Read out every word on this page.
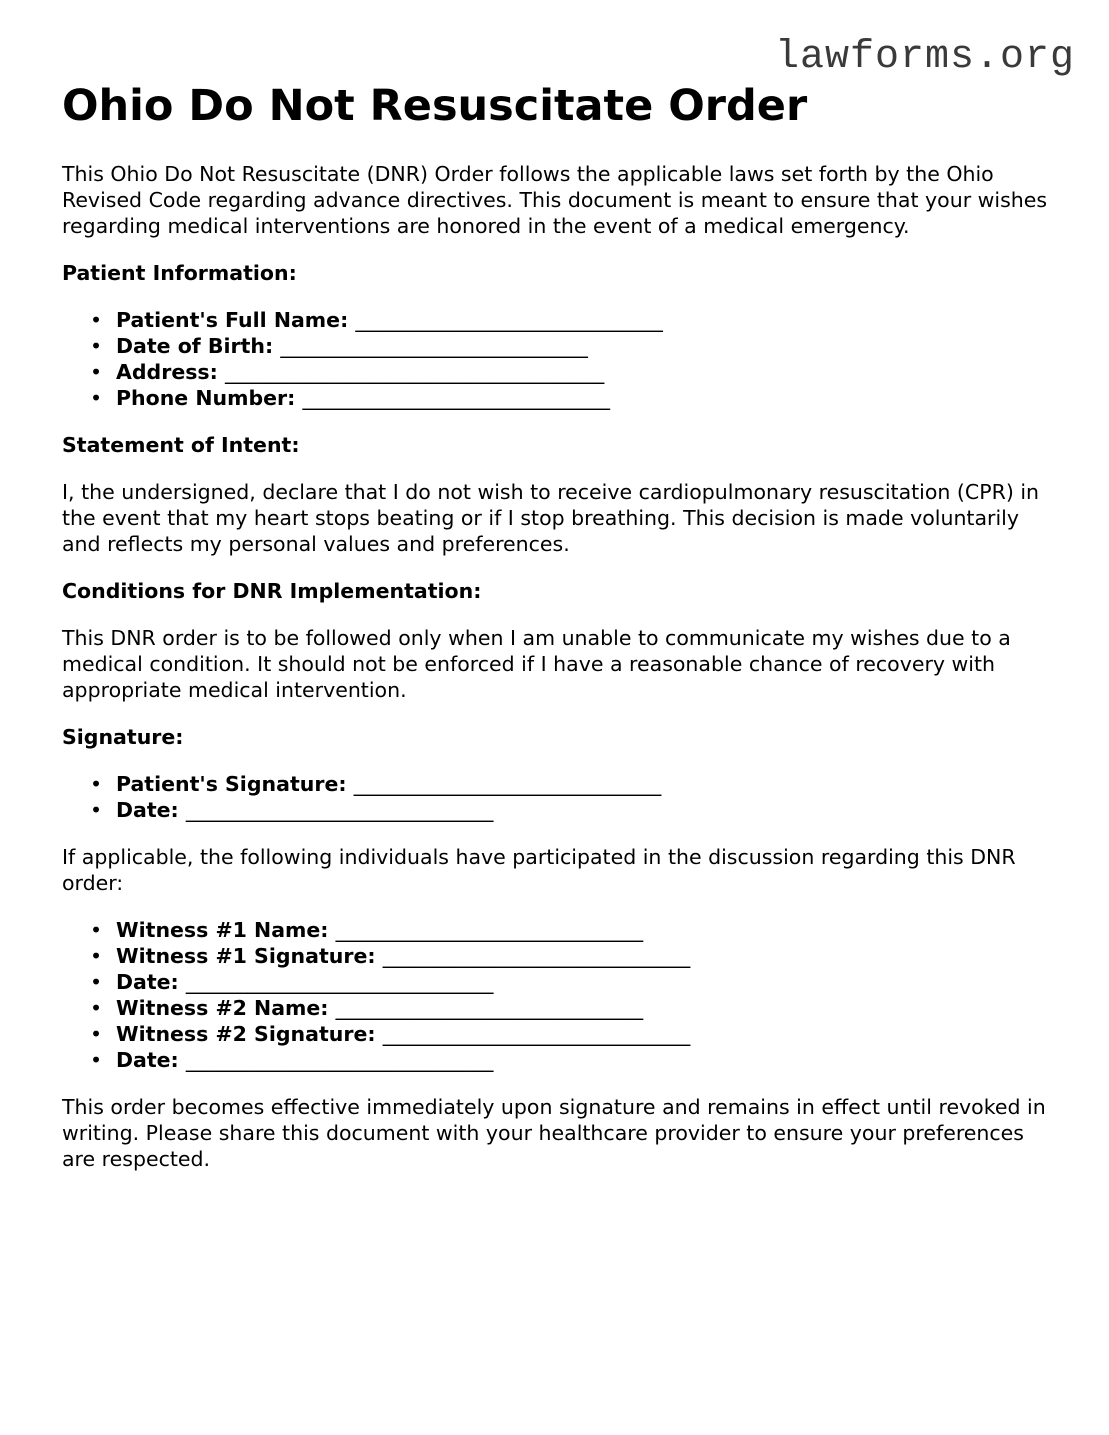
lawforms.org
Ohio Do Not Resuscitate Order

This Ohio Do Not Resuscitate (DNR) Order follows the applicable laws set forth by the Ohio Revised Code regarding advance directives. This document is meant to ensure that your wishes regarding medical interventions are honored in the event of a medical emergency.

Patient Information:
• Patient's Full Name: ______________________________
• Date of Birth: ______________________________
• Address: _____________________________________
• Phone Number: ______________________________
Statement of Intent:

I, the undersigned, declare that I do not wish to receive cardiopulmonary resuscitation (CPR) in the event that my heart stops beating or if I stop breathing. This decision is made voluntarily and reflects my personal values and preferences.

Conditions for DNR Implementation:

This DNR order is to be followed only when I am unable to communicate my wishes due to a medical condition. It should not be enforced if I have a reasonable chance of recovery with appropriate medical intervention.

Signature:
• Patient's Signature: ______________________________
• Date: ______________________________

If applicable, the following individuals have participated in the discussion regarding this DNR order:

• Witness #1 Name: ______________________________
• Witness #1 Signature: ______________________________
• Date: ______________________________
• Witness #2 Name: ______________________________
• Witness #2 Signature: ______________________________
• Date: ______________________________

This order becomes effective immediately upon signature and remains in effect until revoked in writing. Please share this document with your healthcare provider to ensure your preferences are respected.
